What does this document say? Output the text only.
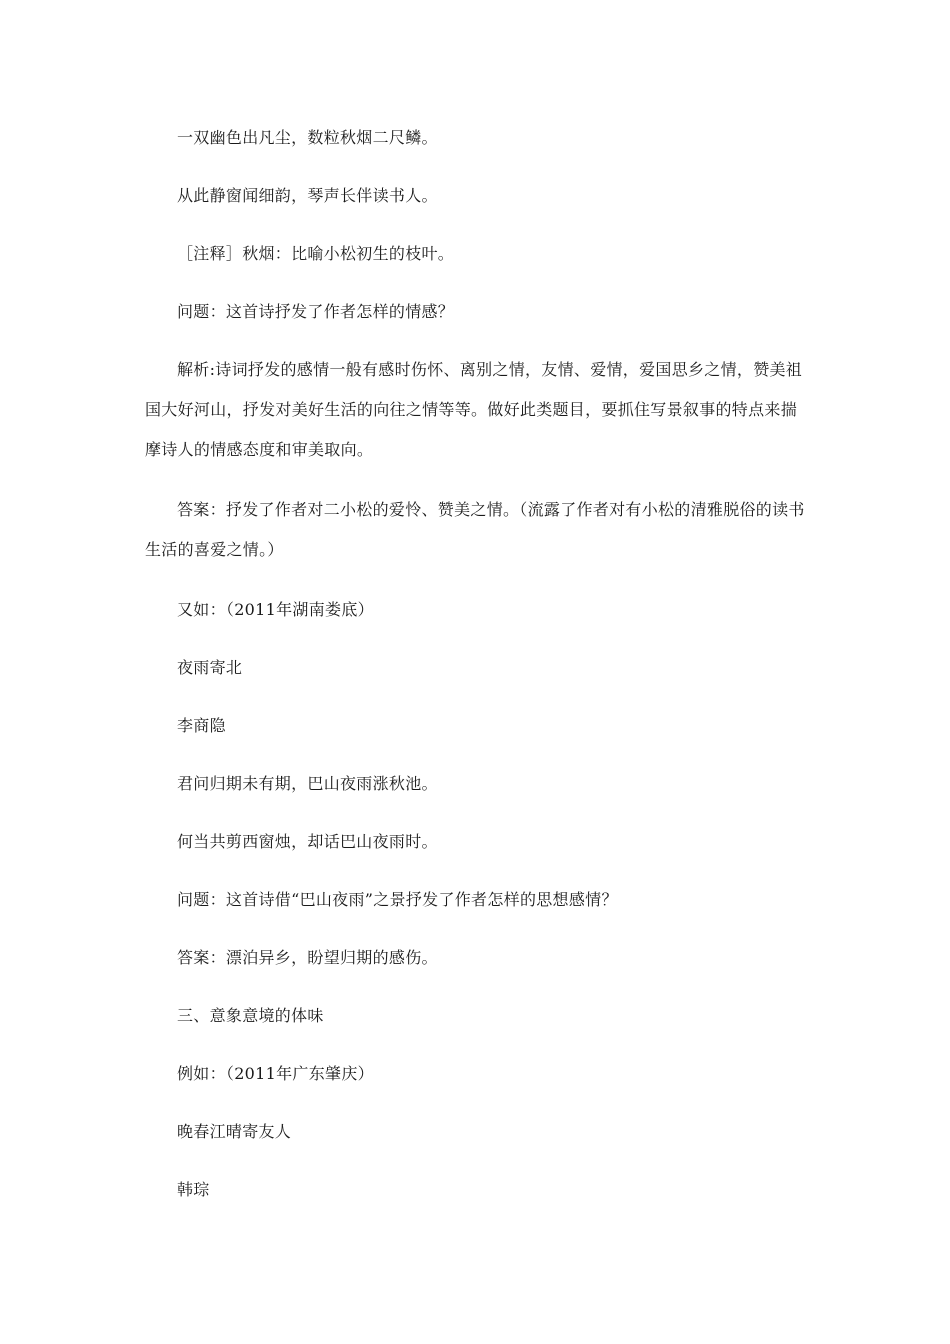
一双幽色出凡尘，数粒秋烟二尺鳞。

从此静窗闻细韵，琴声长伴读书人。

［注释］秋烟：比喻小松初生的枝叶。

问题：这首诗抒发了作者怎样的情感？

解析:诗词抒发的感情一般有感时伤怀、离别之情，友情、爱情，爱国思乡之情，赞美祖国大好河山，抒发对美好生活的向往之情等等。做好此类题目，要抓住写景叙事的特点来揣摩诗人的情感态度和审美取向。

答案：抒发了作者对二小松的爱怜、赞美之情。（流露了作者对有小松的清雅脱俗的读书生活的喜爱之情。）

又如：（2011年湖南娄底）

夜雨寄北

李商隐

君问归期未有期，巴山夜雨涨秋池。

何当共剪西窗烛，却话巴山夜雨时。

问题：这首诗借“巴山夜雨”之景抒发了作者怎样的思想感情？

答案：漂泊异乡，盼望归期的感伤。

三、意象意境的体味

例如：（2011年广东肇庆）

晚春江晴寄友人

韩琮
